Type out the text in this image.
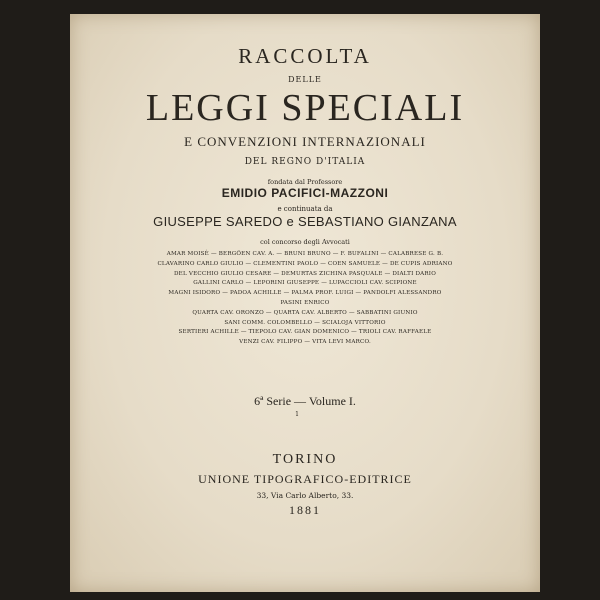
RACCOLTA
DELLE
LEGGI SPECIALI
E CONVENZIONI INTERNAZIONALI
DEL REGNO D'ITALIA
fondata dal Professore
EMIDIO PACIFICI-MAZZONI
e continuata da
GIUSEPPE SAREDO e SEBASTIANO GIANZANA
col concorso degli Avvocati
AMAR MOISÈ — BERGÖEN CAV. A. — BRUNI BRUNO — F. BUFALINI — CALABRESE G. B.
CLAVARINO CARLO GIULIO — CLEMENTINI PAOLO — COEN SAMUELE — DE CUPIS ADRIANO
DEL VECCHIO GIULIO CESARE — DEMURTAS ZICHINA PASQUALE — DIALTI DARIO
GALLINI CARLO — LEPORINI GIUSEPPE — LUPACCIOLI CAV. SCIPIONE
MAGNI ISIDORO — PADOA ACHILLE — PALMA PROF. LUIGI — PANDOLFI ALESSANDRO
PASINI ENRICO
QUARTA CAV. ORONZO — QUARTA CAV. ALBERTO — SABBATINI GIUNIO
SANI COMM. COLOMBELLO — SCIALOJA VITTORIO
SERTIERI ACHILLE — TIEPOLO CAV. GIAN DOMENICO — TRIOLI CAV. RAFFAELE
VENZI CAV. FILIPPO — VITA LEVI MARCO.
6ª Serie — Volume I.
1
TORINO
UNIONE TIPOGRAFICO-EDITRICE
33, Via Carlo Alberto, 33.
1881
